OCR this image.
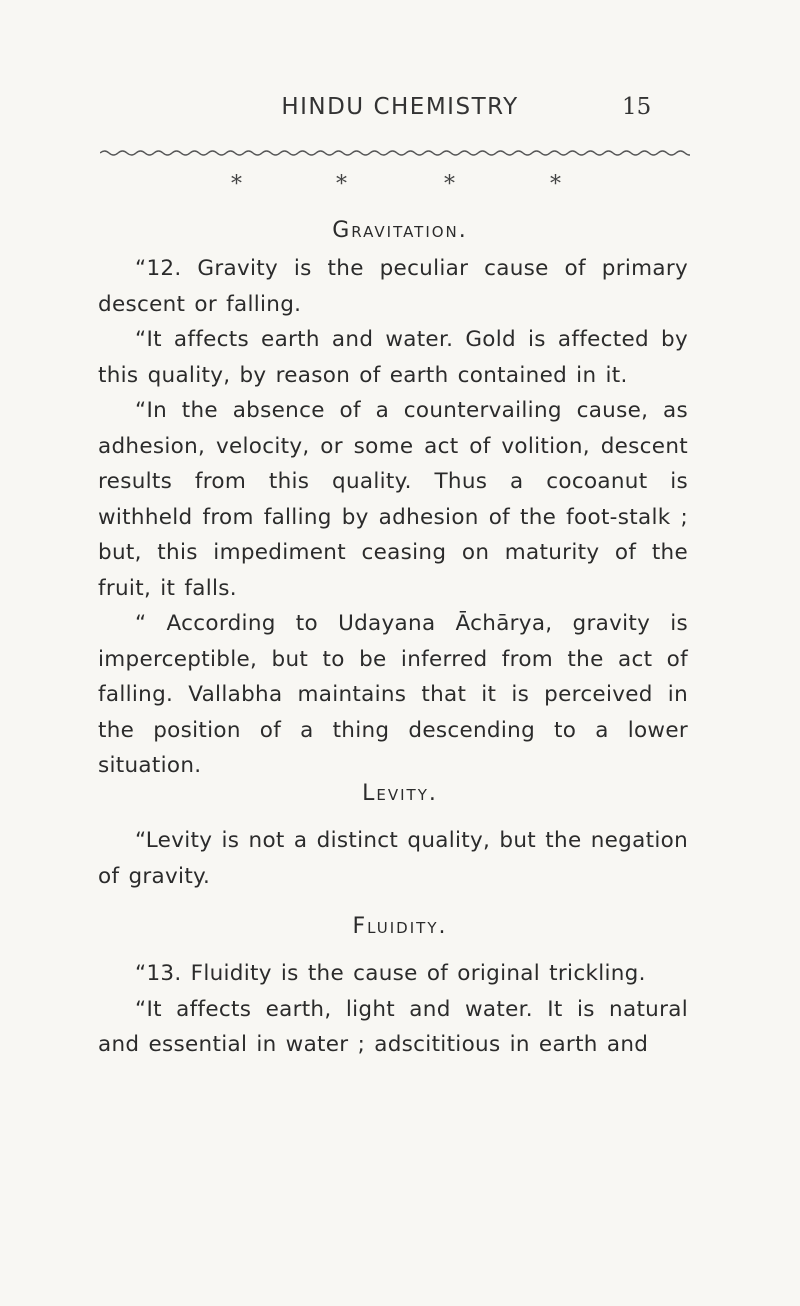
HINDU CHEMISTRY	15
*	*	*	*
Gravitation.

“12. Gravity is the peculiar cause of primary descent or falling.

“It affects earth and water. Gold is affected by this quality, by reason of earth contained in it.

“In the absence of a countervailing cause, as adhesion, velocity, or some act of volition, descent results from this quality. Thus a cocoanut is withheld from falling by adhesion of the foot-stalk ; but, this impediment ceasing on maturity of the fruit, it falls.

“ According to Udayana Āchārya, gravity is imperceptible, but to be inferred from the act of falling. Vallabha maintains that it is perceived in the position of a thing descending to a lower situation.

Levity.

“Levity is not a distinct quality, but the negation of gravity.

Fluidity.

“13. Fluidity is the cause of original trickling.

“It affects earth, light and water. It is natural and essential in water ; adscititious in earth and
